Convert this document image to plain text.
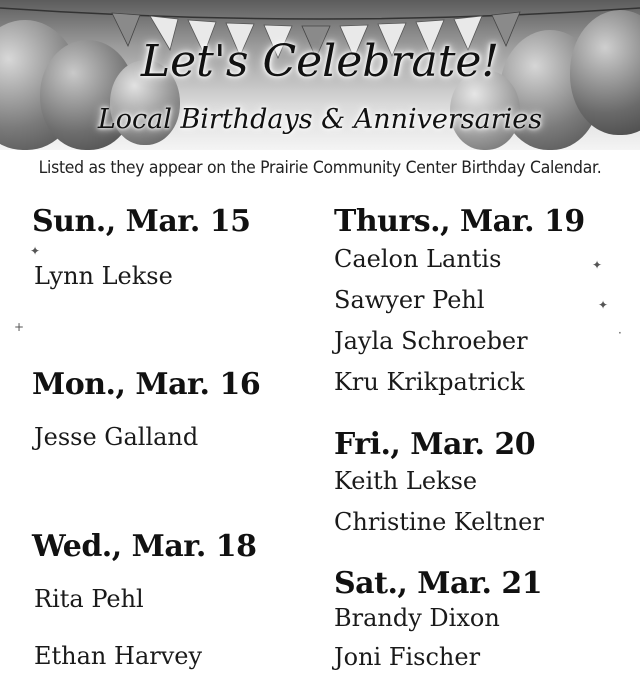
Let's Celebrate!
Local Birthdays & Anniversaries
Listed as they appear on the Prairie Community Center Birthday Calendar.
✦
+
✦
✦
·
Sun., Mar. 15
Lynn Lekse
Mon., Mar. 16
Jesse Galland
Wed., Mar. 18
Rita Pehl
Ethan Harvey
Thurs., Mar. 19
Caelon Lantis
Sawyer Pehl
Jayla Schroeber
Kru Krikpatrick
Fri., Mar. 20
Keith Lekse
Christine Keltner
Sat., Mar. 21
Brandy Dixon
Joni Fischer
